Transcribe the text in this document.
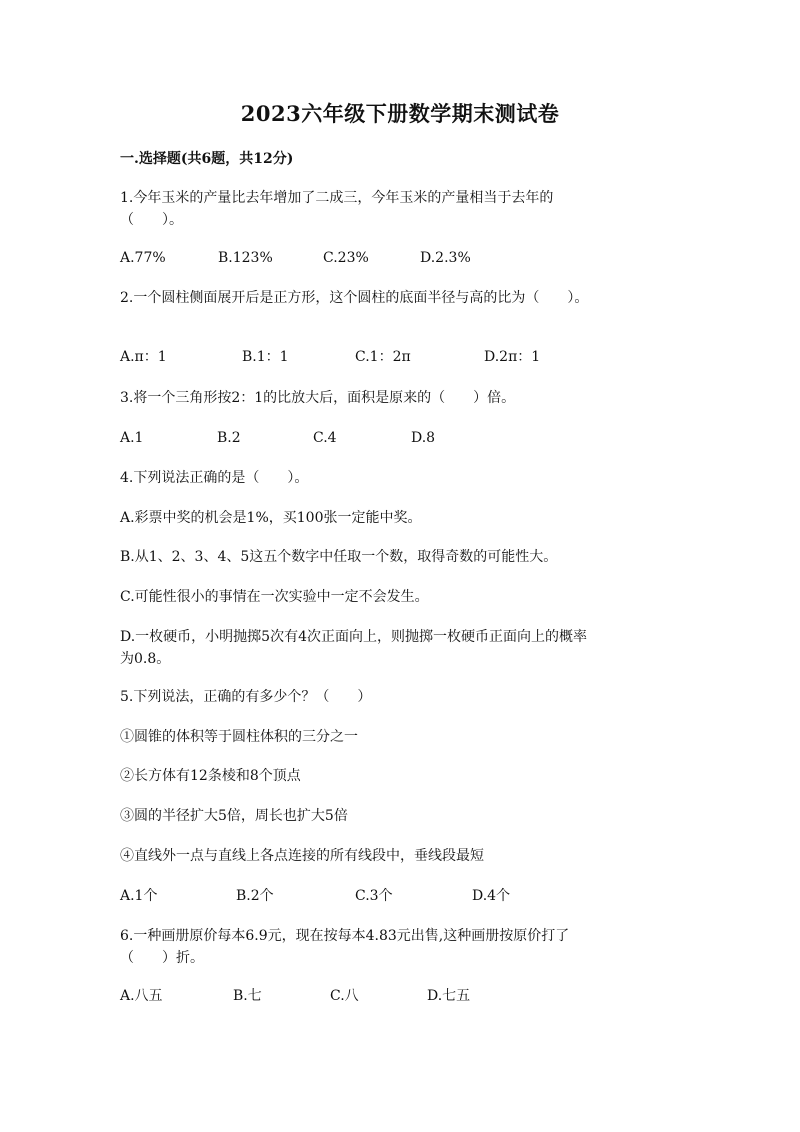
2023六年级下册数学期末测试卷
一.选择题(共6题，共12分)
1.今年玉米的产量比去年增加了二成三，今年玉米的产量相当于去年的
（　　）。
A.77%	B.123%	C.23%	D.2.3%
2.一个圆柱侧面展开后是正方形，这个圆柱的底面半径与高的比为（　　）。
A.π：1	B.1：1	C.1：2π	D.2π：1
3.将一个三角形按2：1的比放大后，面积是原来的（　　）倍。
A.1	B.2	C.4	D.8
4.下列说法正确的是（　　）。
A.彩票中奖的机会是1%，买100张一定能中奖。
B.从1、2、3、4、5这五个数字中任取一个数，取得奇数的可能性大。
C.可能性很小的事情在一次实验中一定不会发生。
D.一枚硬币，小明抛掷5次有4次正面向上，则抛掷一枚硬币正面向上的概率
为0.8。
5.下列说法，正确的有多少个？（　　）
①圆锥的体积等于圆柱体积的三分之一
②长方体有12条棱和8个顶点
③圆的半径扩大5倍，周长也扩大5倍
④直线外一点与直线上各点连接的所有线段中，垂线段最短
A.1个	B.2个	C.3个	D.4个
6.一种画册原价每本6.9元，现在按每本4.83元出售,这种画册按原价打了
（　　）折。
A.八五	B.七	C.八	D.七五
